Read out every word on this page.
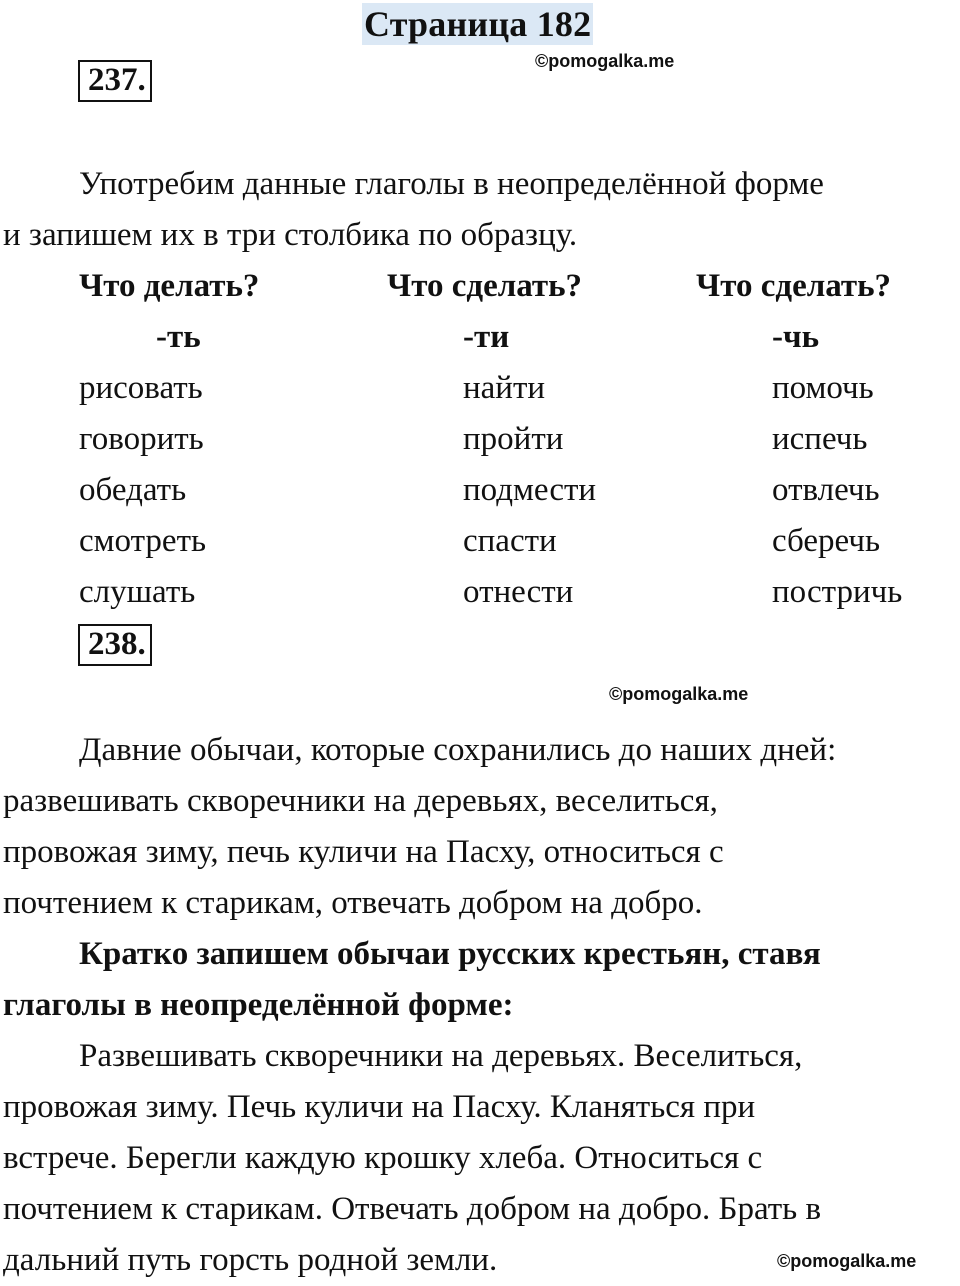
Страница 182
©pomogalka.me
237.

Употребим данные глаголы в неопределённой форме

и запишем их в три столбика по образцу.

Что делать?
-ть
рисовать
говорить
обедать
смотреть
слушать
Что сделать?
-ти
найти
пройти
подмести
спасти
отнести
Что сделать?
-чь
помочь
испечь
отвлечь
сберечь
постричь
238.
©pomogalka.me

Давние обычаи, которые сохранились до наших дней:

развешивать скворечники на деревьях, веселиться,

провожая зиму, печь куличи на Пасху, относиться с

почтением к старикам, отвечать добром на добро.

Кратко запишем обычаи русских крестьян, ставя

глаголы в неопределённой форме:

Развешивать скворечники на деревьях. Веселиться,

провожая зиму. Печь куличи на Пасху. Кланяться при

встрече. Берегли каждую крошку хлеба. Относиться с

почтением к старикам. Отвечать добром на добро. Брать в

дальний путь горсть родной земли.	©pomogalka.me
